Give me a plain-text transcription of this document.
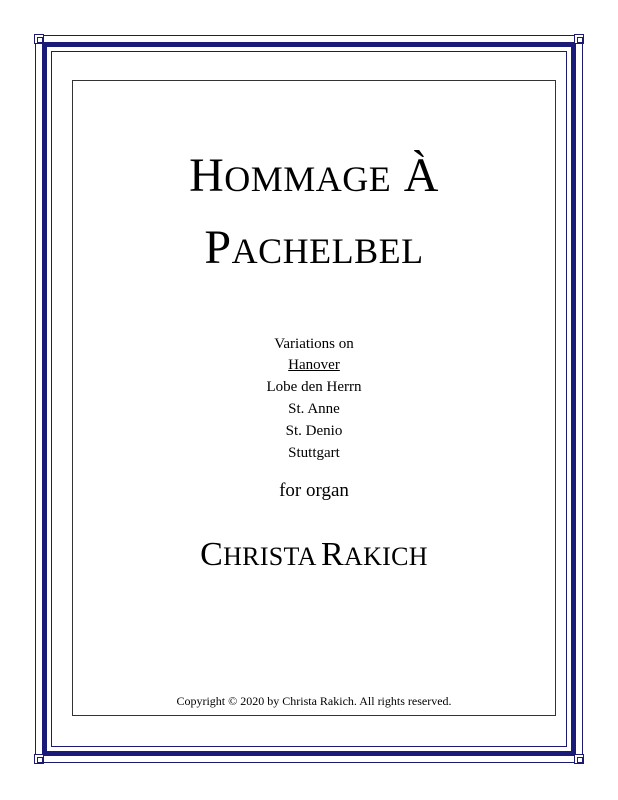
HOMMAGE À
PACHELBEL
Variations on
Hanover
Lobe den Herrn
St. Anne
St. Denio
Stuttgart
for organ
CHRISTA RAKICH
Copyright © 2020 by Christa Rakich. All rights reserved.
